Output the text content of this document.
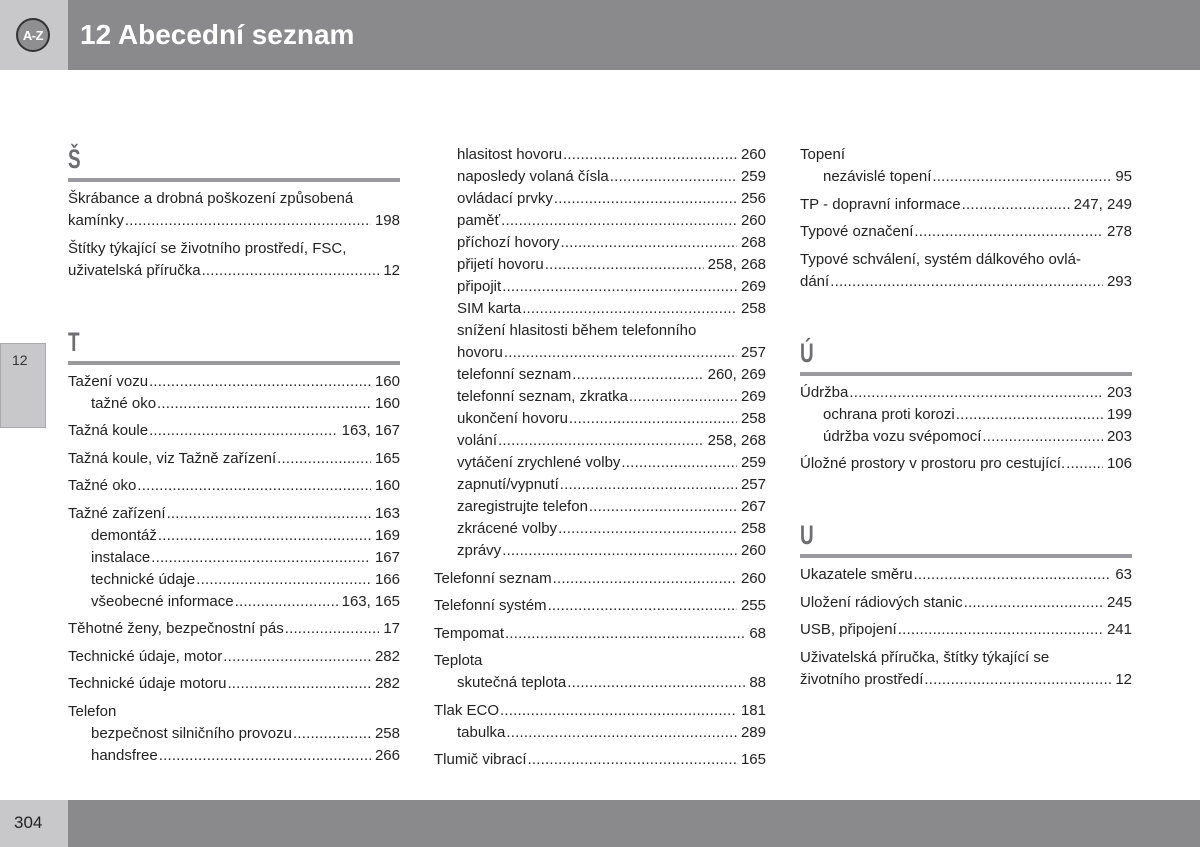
A-Z 12 Abecední seznam
12
Š
Škrábance a drobná poškození způsobená
kamínky .....	198
Štítky týkající se životního prostředí, FSC,
uživatelská příručka .....	12
T
Tažení vozu .....	160
tažné oko .....	160
Tažná koule .....	163, 167
Tažná koule, viz Tažně zařízení .....	165
Tažné oko .....	160
Tažné zařízení .....	163
demontáž .....	169
instalace .....	167
technické údaje .....	166
všeobecné informace .....	163, 165
Těhotné ženy, bezpečnostní pás .....	17
Technické údaje, motor .....	282
Technické údaje motoru .....	282
Telefon
bezpečnost silničního provozu .....	258
handsfree .....	266
hlasitost hovoru .....	260
naposledy volaná čísla .....	259
ovládací prvky .....	256
paměť .....	260
příchozí hovory .....	268
přijetí hovoru .....	258, 268
připojit .....	269
SIM karta .....	258
snížení hlasitosti během telefonního
hovoru .....	257
telefonní seznam .....	260, 269
telefonní seznam, zkratka .....	269
ukončení hovoru .....	258
volání .....	258, 268
vytáčení zrychlené volby .....	259
zapnutí/vypnutí .....	257
zaregistrujte telefon .....	267
zkrácené volby .....	258
zprávy .....	260
Telefonní seznam .....	260
Telefonní systém .....	255
Tempomat .....	68
Teplota
skutečná teplota .....	88
Tlak ECO .....	181
tabulka .....	289
Tlumič vibrací .....	165
Topení
nezávislé topení .....	95
TP - dopravní informace .....	247, 249
Typové označení .....	278
Typové schválení, systém dálkového ovlá-
dání .....	293
Ú
Údržba .....	203
ochrana proti korozi .....	199
údržba vozu svépomocí .....	203
Úložné prostory v prostoru pro cestující. .....	106
U
Ukazatele směru .....	63
Uložení rádiových stanic .....	245
USB, připojení .....	241
Uživatelská příručka, štítky týkající se
životního prostředí .....	12
304
